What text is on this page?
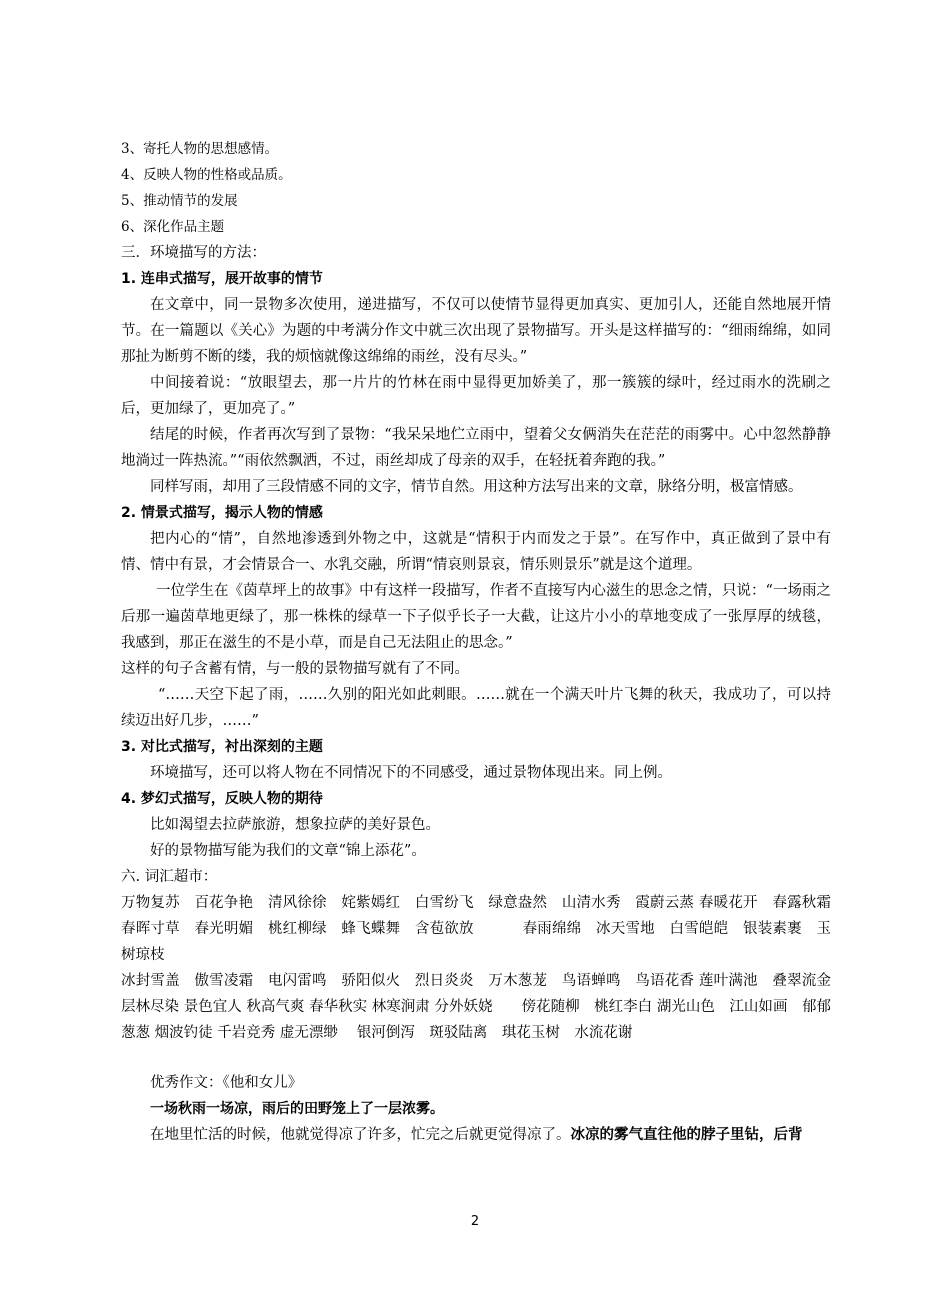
3、寄托人物的思想感情。
4、反映人物的性格或品质。
5、推动情节的发展
6、深化作品主题
三．环境描写的方法：
1. 连串式描写，展开故事的情节

在文章中，同一景物多次使用，递进描写，不仅可以使情节显得更加真实、更加引人，还能自然地展开情节。在一篇题以《关心》为题的中考满分作文中就三次出现了景物描写。开头是这样描写的：“细雨绵绵，如同那扯为断剪不断的缕，我的烦恼就像这绵绵的雨丝，没有尽头。”

中间接着说：“放眼望去，那一片片的竹林在雨中显得更加娇美了，那一簇簇的绿叶，经过雨水的洗刷之后，更加绿了，更加亮了。”

结尾的时候，作者再次写到了景物：“我呆呆地伫立雨中，望着父女俩消失在茫茫的雨雾中。心中忽然静静地淌过一阵热流。”“雨依然飘洒，不过，雨丝却成了母亲的双手，在轻抚着奔跑的我。”

同样写雨，却用了三段情感不同的文字，情节自然。用这种方法写出来的文章，脉络分明，极富情感。

2. 情景式描写，揭示人物的情感

把内心的“情”，自然地渗透到外物之中，这就是“情积于内而发之于景”。在写作中，真正做到了景中有情、情中有景，才会情景合一、水乳交融，所谓“情哀则景哀，情乐则景乐”就是这个道理。

一位学生在《茵草坪上的故事》中有这样一段描写，作者不直接写内心滋生的思念之情，只说：“一场雨之后那一遍茵草地更绿了，那一株株的绿草一下子似乎长子一大截，让这片小小的草地变成了一张厚厚的绒毯，我感到，那正在滋生的不是小草，而是自己无法阻止的思念。”

这样的句子含蓄有情，与一般的景物描写就有了不同。

“……天空下起了雨，……久别的阳光如此刺眼。……就在一个满天叶片飞舞的秋天，我成功了，可以持续迈出好几步，……”

3. 对比式描写，衬出深刻的主题

环境描写，还可以将人物在不同情况下的不同感受，通过景物体现出来。同上例。

4. 梦幻式描写，反映人物的期待

比如渴望去拉萨旅游，想象拉萨的美好景色。

好的景物描写能为我们的文章“锦上添花”。

六. 词汇超市：

万物复苏　百花争艳　清风徐徐　姹紫嫣红　白雪纷飞　绿意盎然　山清水秀　霞蔚云蒸 春暖花开　春露秋霜　 春晖寸草　春光明媚　桃红柳绿　蜂飞蝶舞　含苞欲放　　　 春雨绵绵　冰天雪地　白雪皑皑　银装素裹　玉树琼枝

冰封雪盖　傲雪凌霜　电闪雷鸣　骄阳似火　烈日炎炎　万木葱茏　鸟语蝉鸣　鸟语花香 莲叶满池　叠翠流金　层林尽染 景色宜人 秋高气爽 春华秋实 林寒涧肃 分外妖娆　　傍花随柳　桃红李白 湖光山色　江山如画　郁郁葱葱 烟波钓徒 千岩竞秀 虚无漂缈　 银河倒泻　斑驳陆离　琪花玉树　水流花谢

优秀作文：《他和女儿》
一场秋雨一场凉，雨后的田野笼上了一层浓雾。

在地里忙活的时候，他就觉得凉了许多，忙完之后就更觉得凉了。冰凉的雾气直往他的脖子里钻，后背

2
